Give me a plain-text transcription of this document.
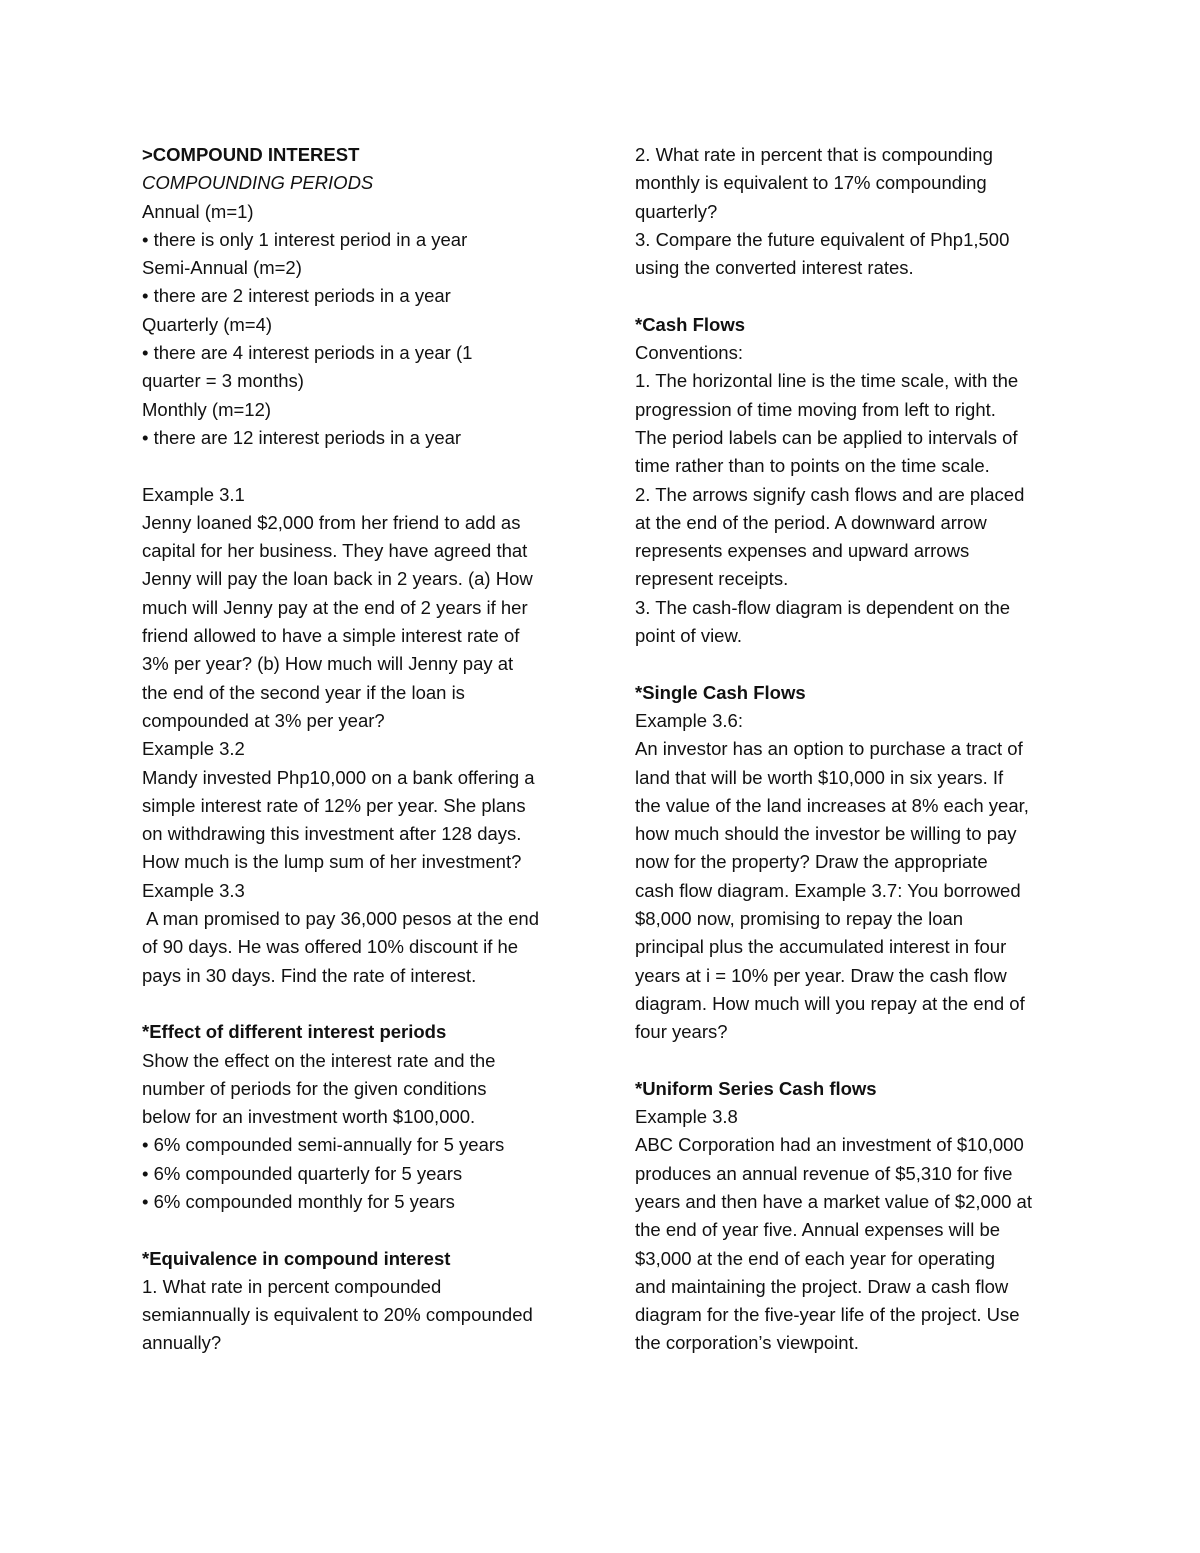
>COMPOUND INTEREST
COMPOUNDING PERIODS
Annual (m=1)
• there is only 1 interest period in a year
Semi-Annual (m=2)
• there are 2 interest periods in a year
Quarterly (m=4)
• there are 4 interest periods in a year (1
quarter = 3 months)
Monthly (m=12)
• there are 12 interest periods in a year
Example 3.1
Jenny loaned $2,000 from her friend to add as
capital for her business. They have agreed that
Jenny will pay the loan back in 2 years. (a) How
much will Jenny pay at the end of 2 years if her
friend allowed to have a simple interest rate of
3% per year? (b) How much will Jenny pay at
the end of the second year if the loan is
compounded at 3% per year?
Example 3.2
Mandy invested Php10,000 on a bank offering a
simple interest rate of 12% per year. She plans
on withdrawing this investment after 128 days.
How much is the lump sum of her investment?
Example 3.3
A man promised to pay 36,000 pesos at the end
of 90 days. He was offered 10% discount if he
pays in 30 days. Find the rate of interest.
*Effect of different interest periods
Show the effect on the interest rate and the
number of periods for the given conditions
below for an investment worth $100,000.
• 6% compounded semi-annually for 5 years
• 6% compounded quarterly for 5 years
• 6% compounded monthly for 5 years
*Equivalence in compound interest
1. What rate in percent compounded
semiannually is equivalent to 20% compounded
annually?
2. What rate in percent that is compounding
monthly is equivalent to 17% compounding
quarterly?
3. Compare the future equivalent of Php1,500
using the converted interest rates.
*Cash Flows
Conventions:
1. The horizontal line is the time scale, with the
progression of time moving from left to right.
The period labels can be applied to intervals of
time rather than to points on the time scale.
2. The arrows signify cash flows and are placed
at the end of the period. A downward arrow
represents expenses and upward arrows
represent receipts.
3. The cash-flow diagram is dependent on the
point of view.
*Single Cash Flows
Example 3.6:
An investor has an option to purchase a tract of
land that will be worth $10,000 in six years. If
the value of the land increases at 8% each year,
how much should the investor be willing to pay
now for the property? Draw the appropriate
cash flow diagram. Example 3.7: You borrowed
$8,000 now, promising to repay the loan
principal plus the accumulated interest in four
years at i = 10% per year. Draw the cash flow
diagram. How much will you repay at the end of
four years?
*Uniform Series Cash flows
Example 3.8
ABC Corporation had an investment of $10,000
produces an annual revenue of $5,310 for five
years and then have a market value of $2,000 at
the end of year five. Annual expenses will be
$3,000 at the end of each year for operating
and maintaining the project. Draw a cash flow
diagram for the five-year life of the project. Use
the corporation’s viewpoint.
